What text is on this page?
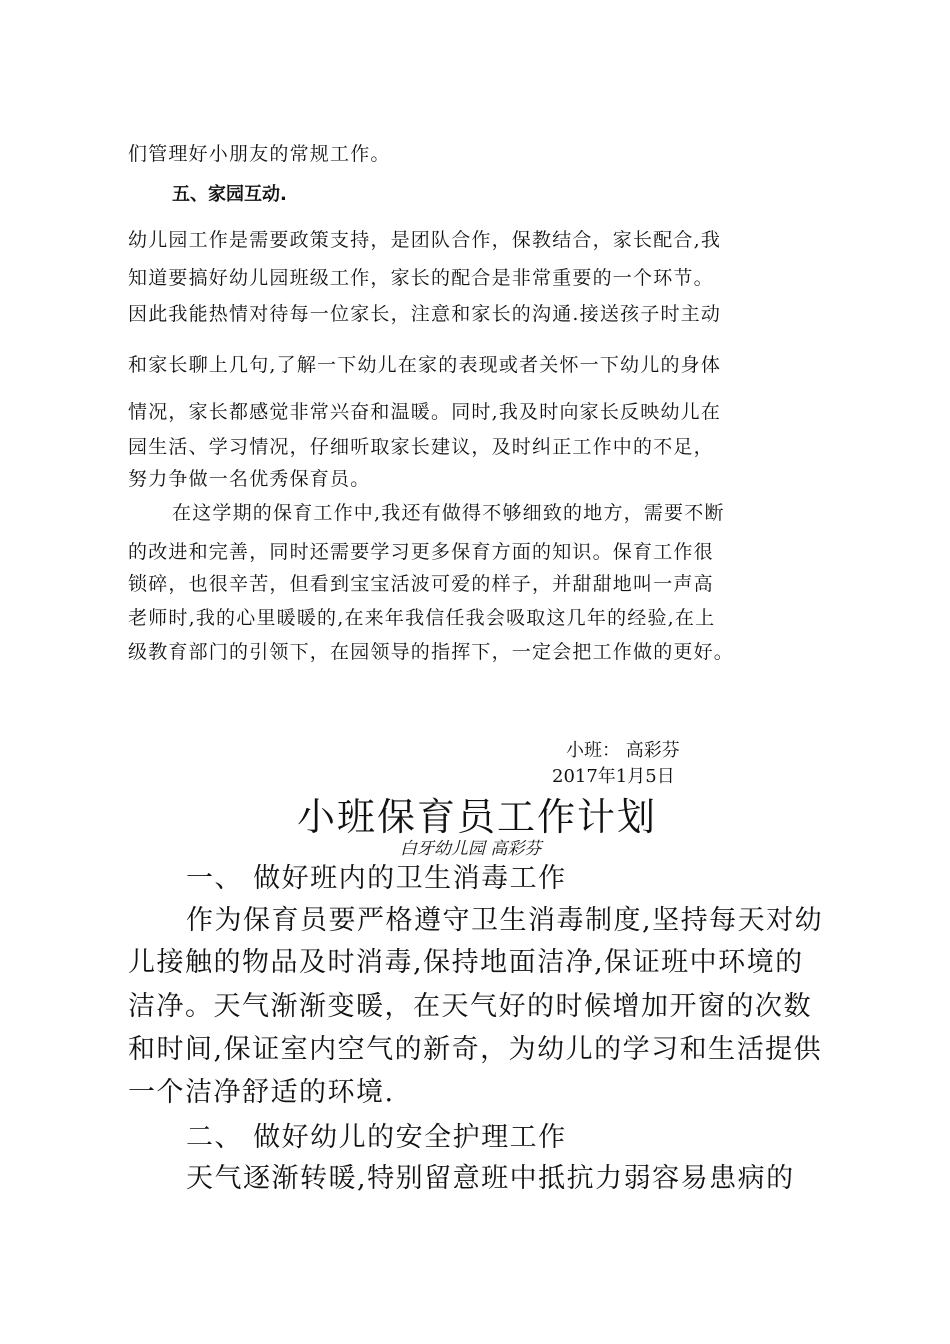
们管理好小朋友的常规工作。

五、家园互动.

幼儿园工作是需要政策支持，是团队合作，保教结合，家长配合,我

知道要搞好幼儿园班级工作，家长的配合是非常重要的一个环节。

因此我能热情对待每一位家长，注意和家长的沟通.接送孩子时主动

和家长聊上几句,了解一下幼儿在家的表现或者关怀一下幼儿的身体

情况，家长都感觉非常兴奋和温暖。同时,我及时向家长反映幼儿在

园生活、学习情况，仔细听取家长建议，及时纠正工作中的不足，

努力争做一名优秀保育员。

在这学期的保育工作中,我还有做得不够细致的地方，需要不断

的改进和完善，同时还需要学习更多保育方面的知识。保育工作很

锁碎，也很辛苦，但看到宝宝活波可爱的样子，并甜甜地叫一声高

老师时,我的心里暖暖的,在来年我信任我会吸取这几年的经验,在上

级教育部门的引领下，在园领导的指挥下，一定会把工作做的更好。

小班： 高彩芬

2017年1月5日

小班保育员工作计划

白牙幼儿园 高彩芬

一、 做好班内的卫生消毒工作

作为保育员要严格遵守卫生消毒制度,坚持每天对幼

儿接触的物品及时消毒,保持地面洁净,保证班中环境的

洁净。天气渐渐变暖，在天气好的时候增加开窗的次数

和时间,保证室内空气的新奇，为幼儿的学习和生活提供

一个洁净舒适的环境.

二、 做好幼儿的安全护理工作

天气逐渐转暖,特别留意班中抵抗力弱容易患病的
